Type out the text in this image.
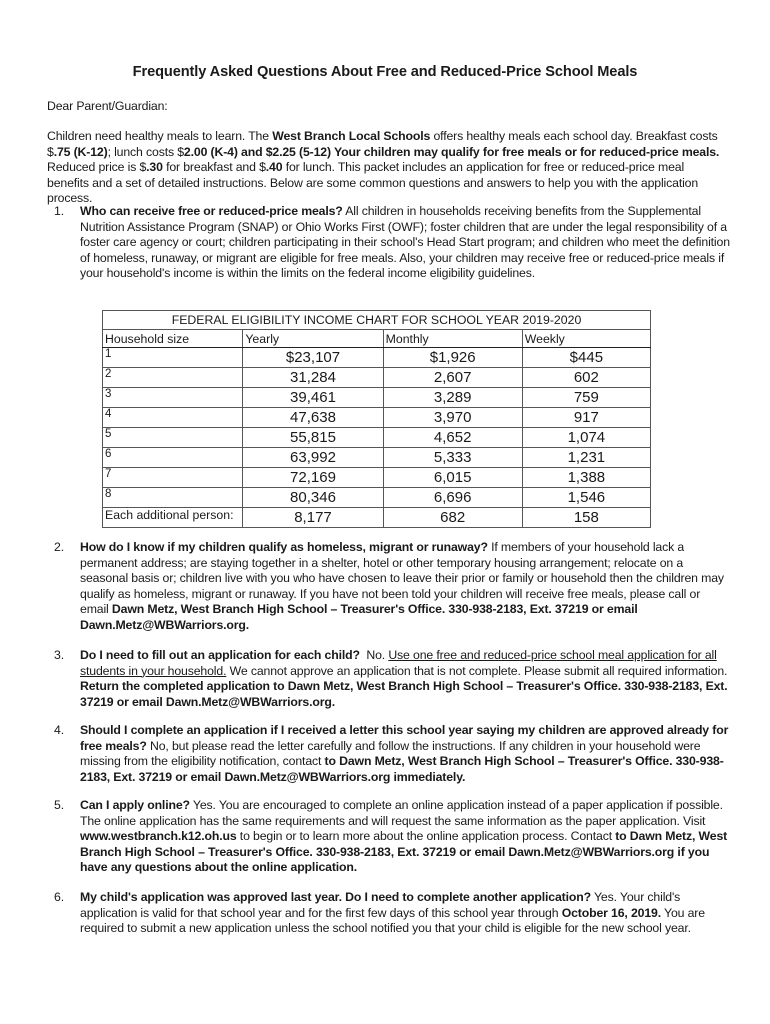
Frequently Asked Questions About Free and Reduced-Price School Meals
Dear Parent/Guardian:
Children need healthy meals to learn. The West Branch Local Schools offers healthy meals each school day. Breakfast costs $.75 (K-12); lunch costs $2.00 (K-4) and $2.25 (5-12) Your children may qualify for free meals or for reduced-price meals. Reduced price is $.30 for breakfast and $.40 for lunch. This packet includes an application for free or reduced-price meal benefits and a set of detailed instructions. Below are some common questions and answers to help you with the application process.
1. Who can receive free or reduced-price meals? All children in households receiving benefits from the Supplemental Nutrition Assistance Program (SNAP) or Ohio Works First (OWF); foster children that are under the legal responsibility of a foster care agency or court; children participating in their school's Head Start program; and children who meet the definition of homeless, runaway, or migrant are eligible for free meals. Also, your children may receive free or reduced-price meals if your household's income is within the limits on the federal income eligibility guidelines.
FEDERAL ELIGIBILITY INCOME CHART FOR SCHOOL YEAR 2019-2020			
Household size	Yearly	Monthly	Weekly
1	$23,107	$1,926	$445
2	31,284	2,607	602
3	39,461	3,289	759
4	47,638	3,970	917
5	55,815	4,652	1,074
6	63,992	5,333	1,231
7	72,169	6,015	1,388
8	80,346	6,696	1,546
Each additional person:	8,177	682	158
2. How do I know if my children qualify as homeless, migrant or runaway? If members of your household lack a permanent address; are staying together in a shelter, hotel or other temporary housing arrangement; relocate on a seasonal basis or; children live with you who have chosen to leave their prior or family or household then the children may qualify as homeless, migrant or runaway. If you have not been told your children will receive free meals, please call or email Dawn Metz, West Branch High School – Treasurer's Office. 330-938-2183, Ext. 37219 or email Dawn.Metz@WBWarriors.org.
3. Do I need to fill out an application for each child?  No. Use one free and reduced-price school meal application for all students in your household. We cannot approve an application that is not complete. Please submit all required information. Return the completed application to Dawn Metz, West Branch High School – Treasurer's Office. 330-938-2183, Ext. 37219 or email Dawn.Metz@WBWarriors.org.
4. Should I complete an application if I received a letter this school year saying my children are approved already for free meals? No, but please read the letter carefully and follow the instructions. If any children in your household were missing from the eligibility notification, contact to Dawn Metz, West Branch High School – Treasurer's Office. 330-938-2183, Ext. 37219 or email Dawn.Metz@WBWarriors.org immediately.
5. Can I apply online? Yes. You are encouraged to complete an online application instead of a paper application if possible. The online application has the same requirements and will request the same information as the paper application. Visit www.westbranch.k12.oh.us to begin or to learn more about the online application process. Contact to Dawn Metz, West Branch High School – Treasurer's Office. 330-938-2183, Ext. 37219 or email Dawn.Metz@WBWarriors.org if you have any questions about the online application.
6. My child's application was approved last year. Do I need to complete another application? Yes. Your child's application is valid for that school year and for the first few days of this school year through October 16, 2019. You are required to submit a new application unless the school notified you that your child is eligible for the new school year.
